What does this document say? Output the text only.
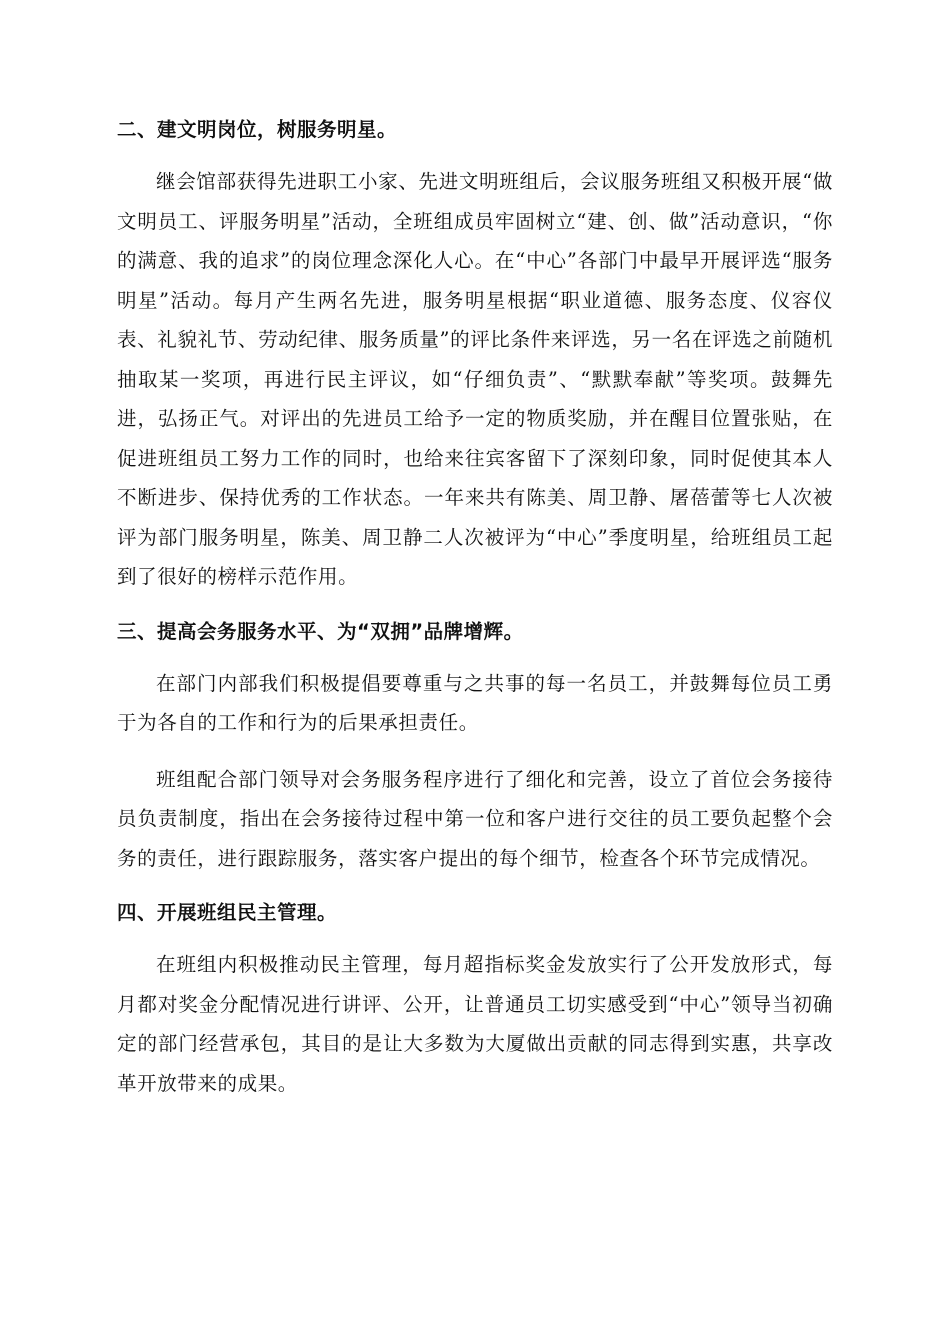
二、建文明岗位，树服务明星。

继会馆部获得先进职工小家、先进文明班组后，会议服务班组又积极开展“做文明员工、评服务明星”活动，全班组成员牢固树立“建、创、做”活动意识，“你的满意、我的追求”的岗位理念深化人心。在“中心”各部门中最早开展评选“服务明星”活动。每月产生两名先进，服务明星根据“职业道德、服务态度、仪容仪表、礼貌礼节、劳动纪律、服务质量”的评比条件来评选，另一名在评选之前随机抽取某一奖项，再进行民主评议，如“仔细负责”、“默默奉献”等奖项。鼓舞先进，弘扬正气。对评出的先进员工给予一定的物质奖励，并在醒目位置张贴，在促进班组员工努力工作的同时，也给来往宾客留下了深刻印象，同时促使其本人不断进步、保持优秀的工作状态。一年来共有陈美、周卫静、屠蓓蕾等七人次被评为部门服务明星，陈美、周卫静二人次被评为“中心”季度明星，给班组员工起到了很好的榜样示范作用。

三、提高会务服务水平、为“双拥”品牌增辉。

在部门内部我们积极提倡要尊重与之共事的每一名员工，并鼓舞每位员工勇于为各自的工作和行为的后果承担责任。

班组配合部门领导对会务服务程序进行了细化和完善，设立了首位会务接待员负责制度，指出在会务接待过程中第一位和客户进行交往的员工要负起整个会务的责任，进行跟踪服务，落实客户提出的每个细节，检查各个环节完成情况。

四、开展班组民主管理。

在班组内积极推动民主管理，每月超指标奖金发放实行了公开发放形式，每月都对奖金分配情况进行讲评、公开，让普通员工切实感受到“中心”领导当初确定的部门经营承包，其目的是让大多数为大厦做出贡献的同志得到实惠，共享改革开放带来的成果。
